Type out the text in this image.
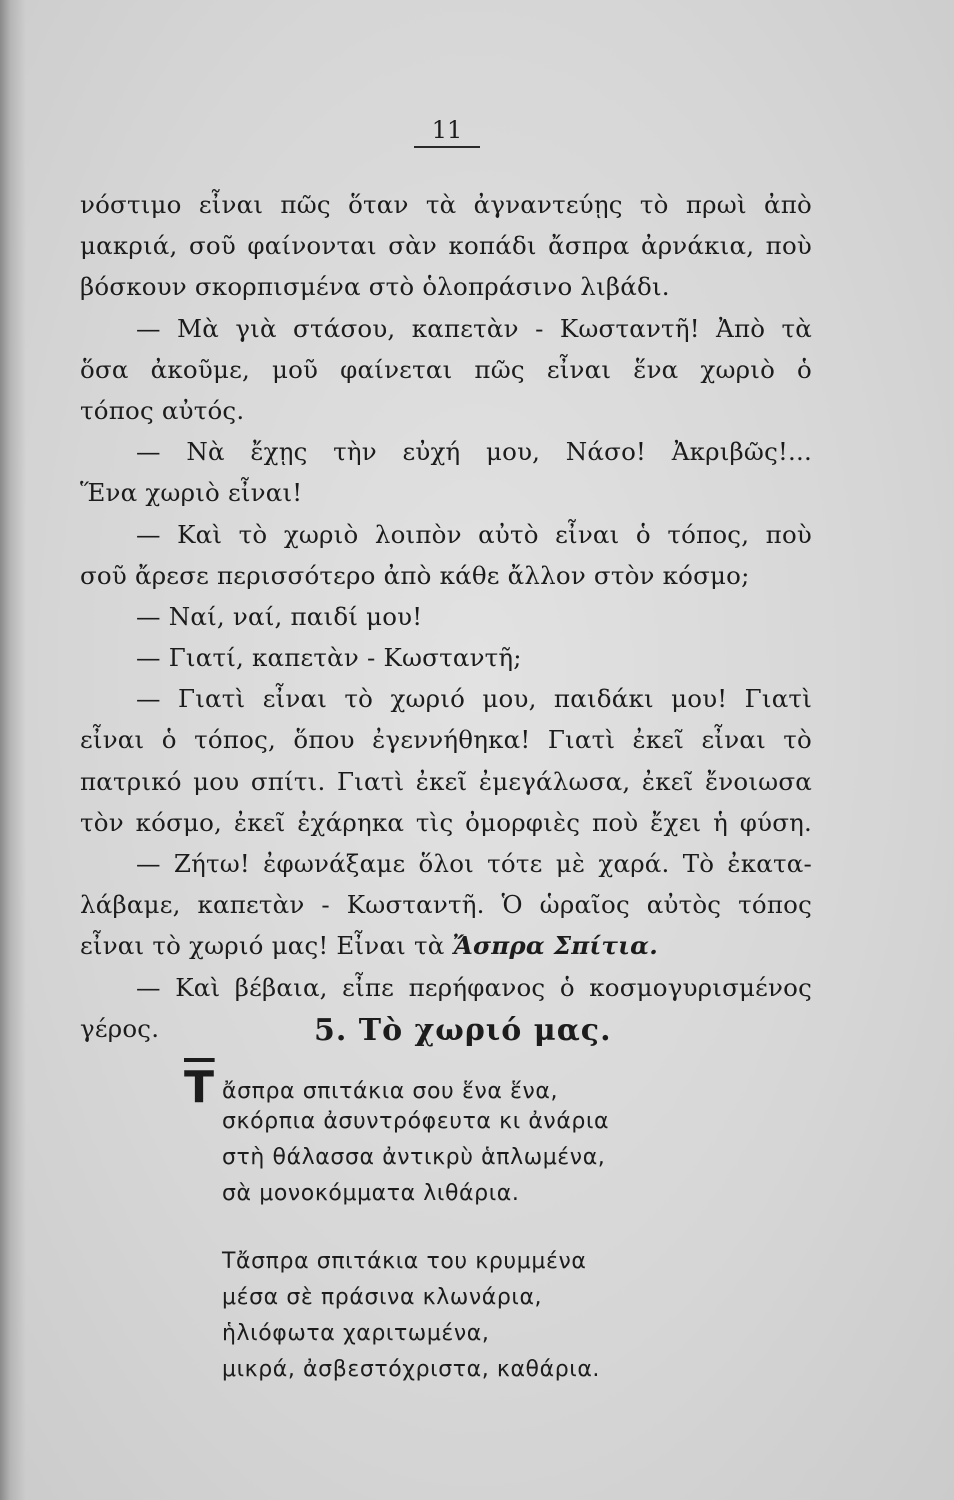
11
νόστιμο εἶναι πῶς ὅταν τὰ ἀγναντεύῃς τὸ πρωὶ ἀπὸ
μακριά, σοῦ φαίνονται σὰν κοπάδι ἄσπρα ἀρνάκια, ποὺ
βόσκουν σκορπισμένα στὸ ὁλοπράσινο λιβάδι.
— Μὰ γιὰ στάσου, καπετὰν - Κωσταντῆ! Ἀπὸ τὰ
ὅσα ἀκοῦμε, μοῦ φαίνεται πῶς εἶναι ἕνα χωριὸ ὁ
τόπος αὐτός.
— Νὰ ἔχῃς τὴν εὐχή μου, Νάσο! Ἀκριβῶς!...
Ἕνα χωριὸ εἶναι!
— Καὶ τὸ χωριὸ λοιπὸν αὐτὸ εἶναι ὁ τόπος, ποὺ
σοῦ ἄρεσε περισσότερο ἀπὸ κάθε ἄλλον στὸν κόσμο;
— Ναί, ναί, παιδί μου!
— Γιατί, καπετὰν - Κωσταντῆ;
— Γιατὶ εἶναι τὸ χωριό μου, παιδάκι μου! Γιατὶ
εἶναι ὁ τόπος, ὅπου ἐγεννήθηκα! Γιατὶ ἐκεῖ εἶναι τὸ
πατρικό μου σπίτι. Γιατὶ ἐκεῖ ἐμεγάλωσα, ἐκεῖ ἔνοιωσα
τὸν κόσμο, ἐκεῖ ἐχάρηκα τὶς ὀμορφιὲς ποὺ ἔχει ἡ φύση.
— Ζήτω! ἐφωνάξαμε ὅλοι τότε μὲ χαρά. Τὸ ἐκατα-
λάβαμε, καπετὰν - Κωσταντῆ. Ὁ ὡραῖος αὐτὸς τόπος
εἶναι τὸ χωριό μας! Εἶναι τὰ Ἄσπρα Σπίτια.
— Καὶ βέβαια, εἶπε περήφανος ὁ κοσμογυρισμένος
γέρος.	5. Τὸ χωριό μας.
$\overline{T}$ ἄσπρα σπιτάκια σου ἕνα ἕνα,
σκόρπια ἀσυντρόφευτα κι ἀνάρια
στὴ θάλασσα ἀντικρὺ ἁπλωμένα,
σὰ μονοκόμματα λιθάρια.
Τἄσπρα σπιτάκια του κρυμμένα
μέσα σὲ πράσινα κλωνάρια,
ἡλιόφωτα χαριτωμένα,
μικρά, ἀσβεστόχριστα, καθάρια.
